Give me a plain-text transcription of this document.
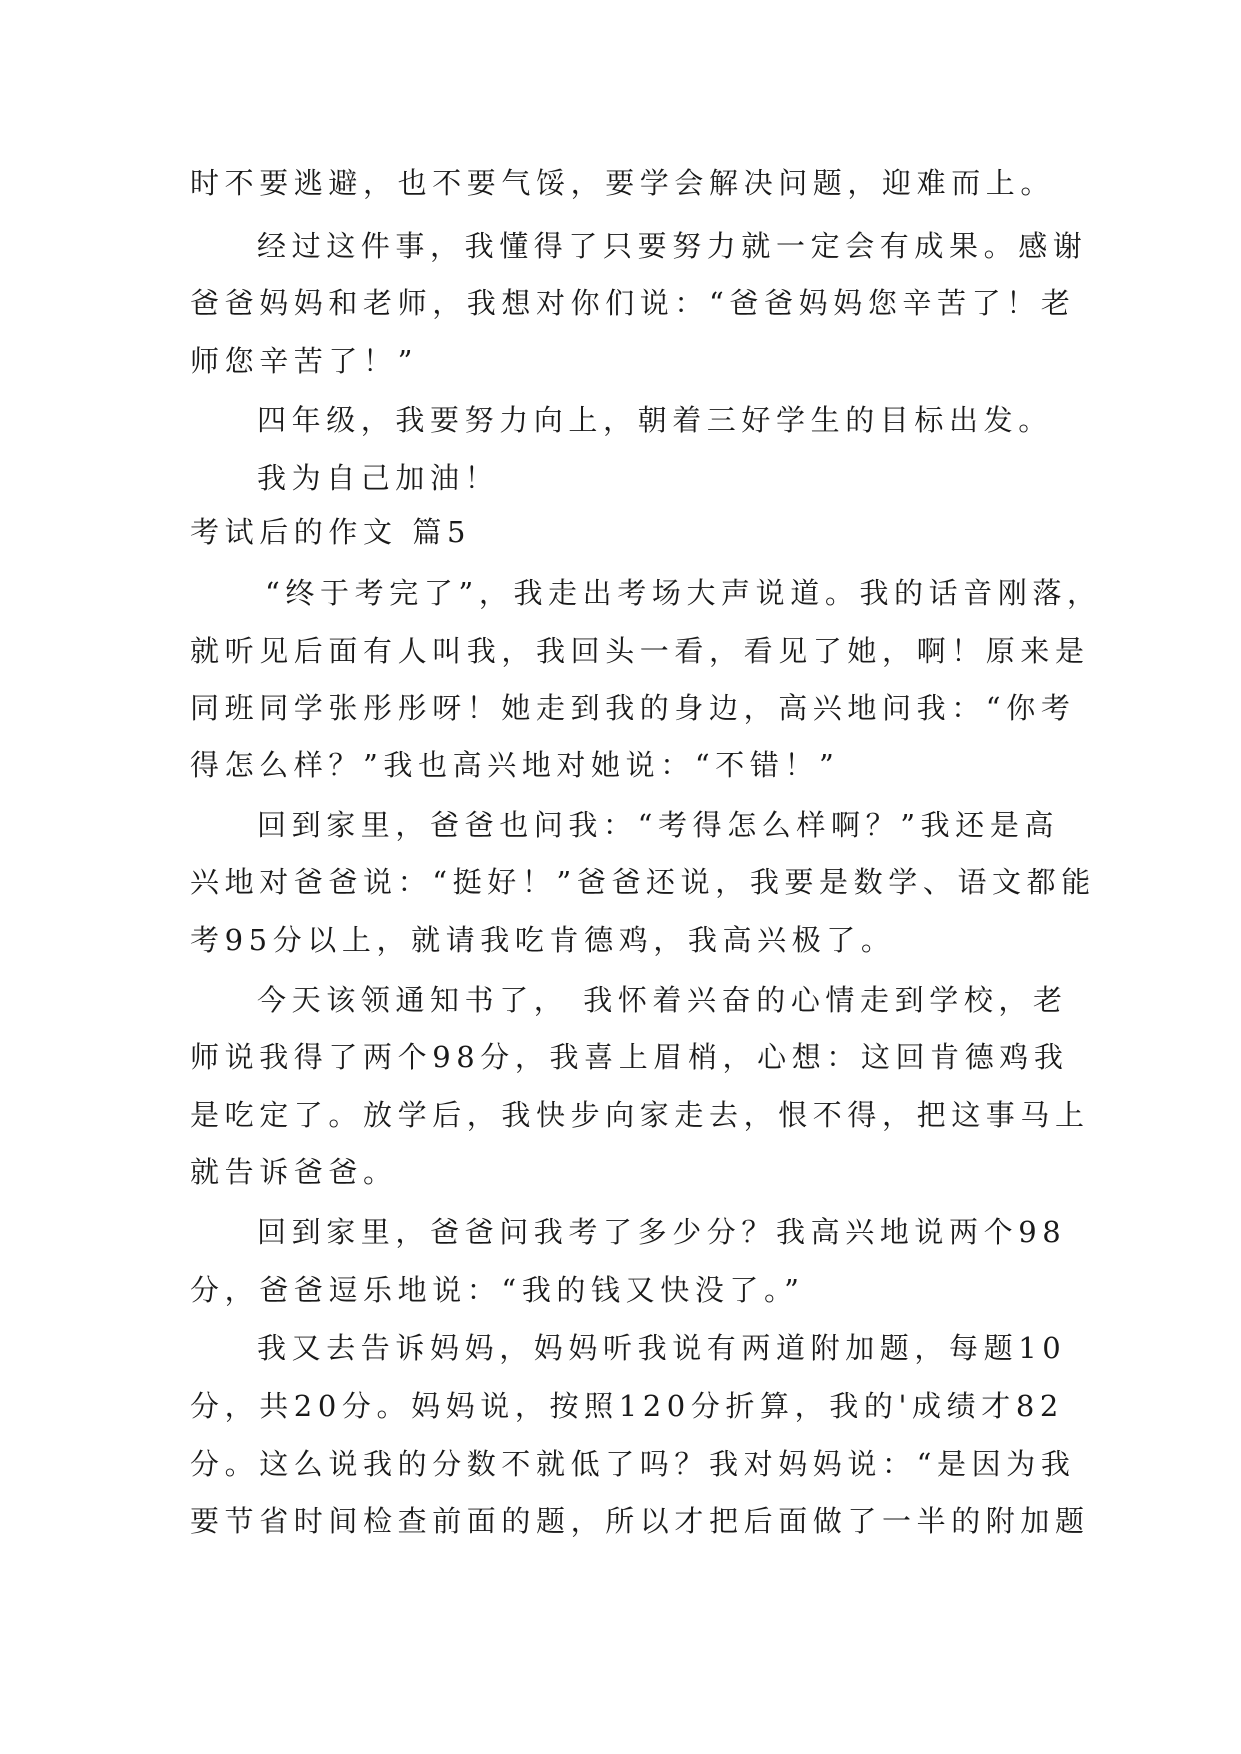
时不要逃避，也不要气馁，要学会解决问题，迎难而上。
经过这件事，我懂得了只要努力就一定会有成果。感谢
爸爸妈妈和老师，我想对你们说：“爸爸妈妈您辛苦了！老
师您辛苦了！”
四年级，我要努力向上，朝着三好学生的目标出发。
我为自己加油！
考试后的作文 篇5
“终于考完了”，我走出考场大声说道。我的话音刚落，
就听见后面有人叫我，我回头一看，看见了她，啊！原来是
同班同学张彤彤呀！她走到我的身边，高兴地问我：“你考
得怎么样？”我也高兴地对她说：“不错！”
回到家里，爸爸也问我：“考得怎么样啊？”我还是高
兴地对爸爸说：“挺好！”爸爸还说，我要是数学、语文都能
考95分以上，就请我吃肯德鸡，我高兴极了。
今天该领通知书了， 我怀着兴奋的心情走到学校，老
师说我得了两个98分，我喜上眉梢，心想：这回肯德鸡我
是吃定了。放学后，我快步向家走去，恨不得，把这事马上
就告诉爸爸。
回到家里，爸爸问我考了多少分？我高兴地说两个98
分，爸爸逗乐地说：“我的钱又快没了。”
我又去告诉妈妈，妈妈听我说有两道附加题，每题10
分，共20分。妈妈说，按照120分折算，我的'成绩才82
分。这么说我的分数不就低了吗？我对妈妈说：“是因为我
要节省时间检查前面的题，所以才把后面做了一半的附加题
